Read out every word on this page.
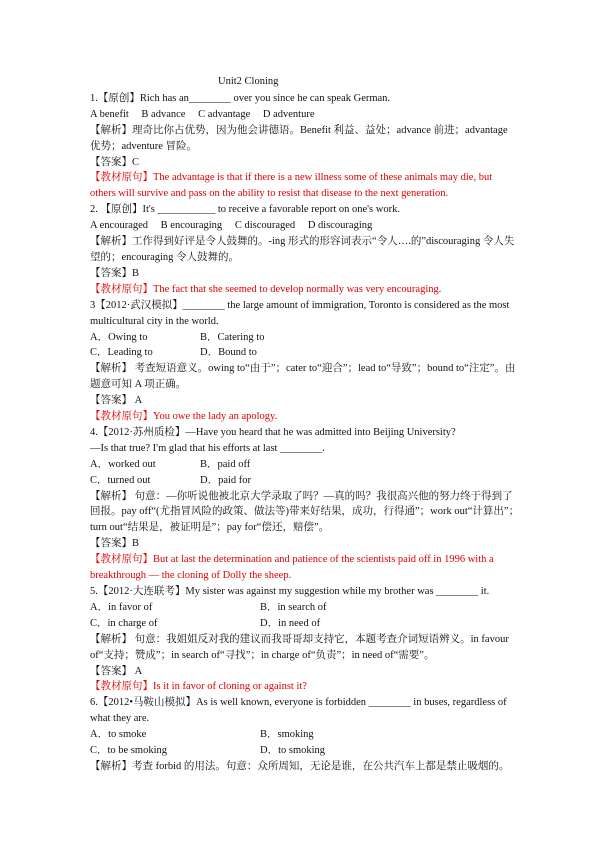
Unit2 Cloning
1.【原创】Rich has an________ over you since he can speak German.
A benefit B advance C advantage D adventure
【解析】理奇比你占优势，因为他会讲德语。Benefit 利益、益处；advance 前进；advantage 优势；adventure 冒险。
【答案】C
【教材原句】The advantage is that if there is a new illness some of these animals may die, but others will survive and pass on the ability to resist that disease to the next generation.
2. 【原创】It's ___________ to receive a favorable report on one's work.
A encouraged B encouraging C discouraged D discouraging
【解析】工作得到好评是令人鼓舞的。-ing 形式的形容词表示“令人….的”discouraging 令人失望的；encouraging 令人鼓舞的。
【答案】B
【教材原句】The fact that she seemed to develop normally was very encouraging.
3【2012·武汉模拟】________ the large amount of immigration, Toronto is considered as the most multicultural city in the world.
A．Owing to	B．Catering to
C．Leading to	D．Bound to
【解析】 考查短语意义。owing to“由于”；cater to“迎合”；lead to“导致”；bound to“注定”。由题意可知 A 项正确。
【答案】 A
【教材原句】You owe the lady an apology.
4.【2012·苏州质检】—Have you heard that he was admitted into Beijing University?
—Is that true? I'm glad that his efforts at last ________.
A．worked out	B．paid off
C．turned out	D．paid for
【解析】 句意：—你听说他被北京大学录取了吗？—真的吗？我很高兴他的努力终于得到了回报。pay off“(尤指冒风险的政策、做法等)带来好结果，成功，行得通”；work out“计算出”；turn out“结果是，被证明是”；pay for“偿还，赔偿”。
【答案】B
【教材原句】But at last the determination and patience of the scientists paid off in 1996 with a breakthrough — the cloning of Dolly the sheep.
5.【2012·大连联考】My sister was against my suggestion while my brother was ________ it.
A．in favor of	B．in search of
C．in charge of	D．in need of
【解析】 句意：我姐姐反对我的建议而我哥哥却支持它，本题考查介词短语辨义。in favour of“支持；赞成”；in search of“寻找”；in charge of“负责”；in need of“需要”。
【答案】 A
【教材原句】Is it in favor of cloning or against it?
6.【2012•马鞍山模拟】As is well known, everyone is forbidden ________ in buses, regardless of what they are.
A．to smoke	B．smoking
C．to be smoking	D．to smoking
【解析】考查 forbid 的用法。句意：众所周知，无论是谁，在公共汽车上都是禁止吸烟的。
